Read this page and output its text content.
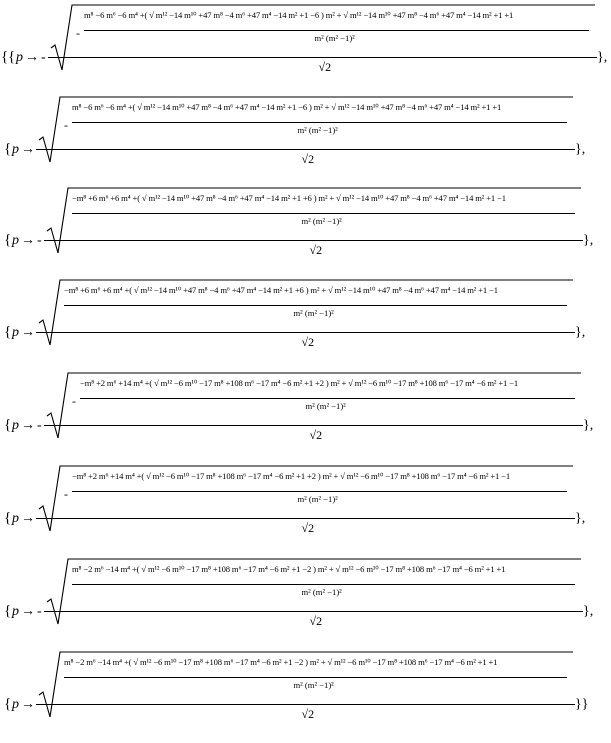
{ { p → -
-
m⁸ −6 m⁶ −6 m⁴ +( √ m¹² −14 m¹⁰ +47 m⁸ −4 m⁶ +47 m⁴ −14 m² +1 −6 ) m² + √ m¹² −14 m¹⁰ +47 m⁸ −4 m⁶ +47 m⁴ −14 m² +1 +1
m² (m² −1)²
√2
},
{ p →
-
m⁸ −6 m⁶ −6 m⁴ +( √ m¹² −14 m¹⁰ +47 m⁸ −4 m⁶ +47 m⁴ −14 m² +1 −6 ) m² + √ m¹² −14 m¹⁰ +47 m⁸ −4 m⁶ +47 m⁴ −14 m² +1 +1
m² (m² −1)²
√2
},
{ p → -
−m⁸ +6 m⁶ +6 m⁴ +( √ m¹² −14 m¹⁰ +47 m⁸ −4 m⁶ +47 m⁴ −14 m² +1 +6 ) m² + √ m¹² −14 m¹⁰ +47 m⁸ −4 m⁶ +47 m⁴ −14 m² +1 −1
m² (m² −1)²
√2
},
{ p →
−m⁸ +6 m⁶ +6 m⁴ +( √ m¹² −14 m¹⁰ +47 m⁸ −4 m⁶ +47 m⁴ −14 m² +1 +6 ) m² + √ m¹² −14 m¹⁰ +47 m⁸ −4 m⁶ +47 m⁴ −14 m² +1 −1
m² (m² −1)²
√2
},
{ p → -
-
−m⁸ +2 m⁶ +14 m⁴ +( √ m¹² −6 m¹⁰ −17 m⁸ +108 m⁶ −17 m⁴ −6 m² +1 +2 ) m² + √ m¹² −6 m¹⁰ −17 m⁸ +108 m⁶ −17 m⁴ −6 m² +1 −1
m² (m² −1)²
√2
},
{ p →
-
−m⁸ +2 m⁶ +14 m⁴ +( √ m¹² −6 m¹⁰ −17 m⁸ +108 m⁶ −17 m⁴ −6 m² +1 +2 ) m² + √ m¹² −6 m¹⁰ −17 m⁸ +108 m⁶ −17 m⁴ −6 m² +1 −1
m² (m² −1)²
√2
},
{ p → -
m⁸ −2 m⁶ −14 m⁴ +( √ m¹² −6 m¹⁰ −17 m⁸ +108 m⁶ −17 m⁴ −6 m² +1 −2 ) m² + √ m¹² −6 m¹⁰ −17 m⁸ +108 m⁶ −17 m⁴ −6 m² +1 +1
m² (m² −1)²
√2
},
{ p →
m⁸ −2 m⁶ −14 m⁴ +( √ m¹² −6 m¹⁰ −17 m⁸ +108 m⁶ −17 m⁴ −6 m² +1 −2 ) m² + √ m¹² −6 m¹⁰ −17 m⁸ +108 m⁶ −17 m⁴ −6 m² +1 +1
m² (m² −1)²
√2
}}
